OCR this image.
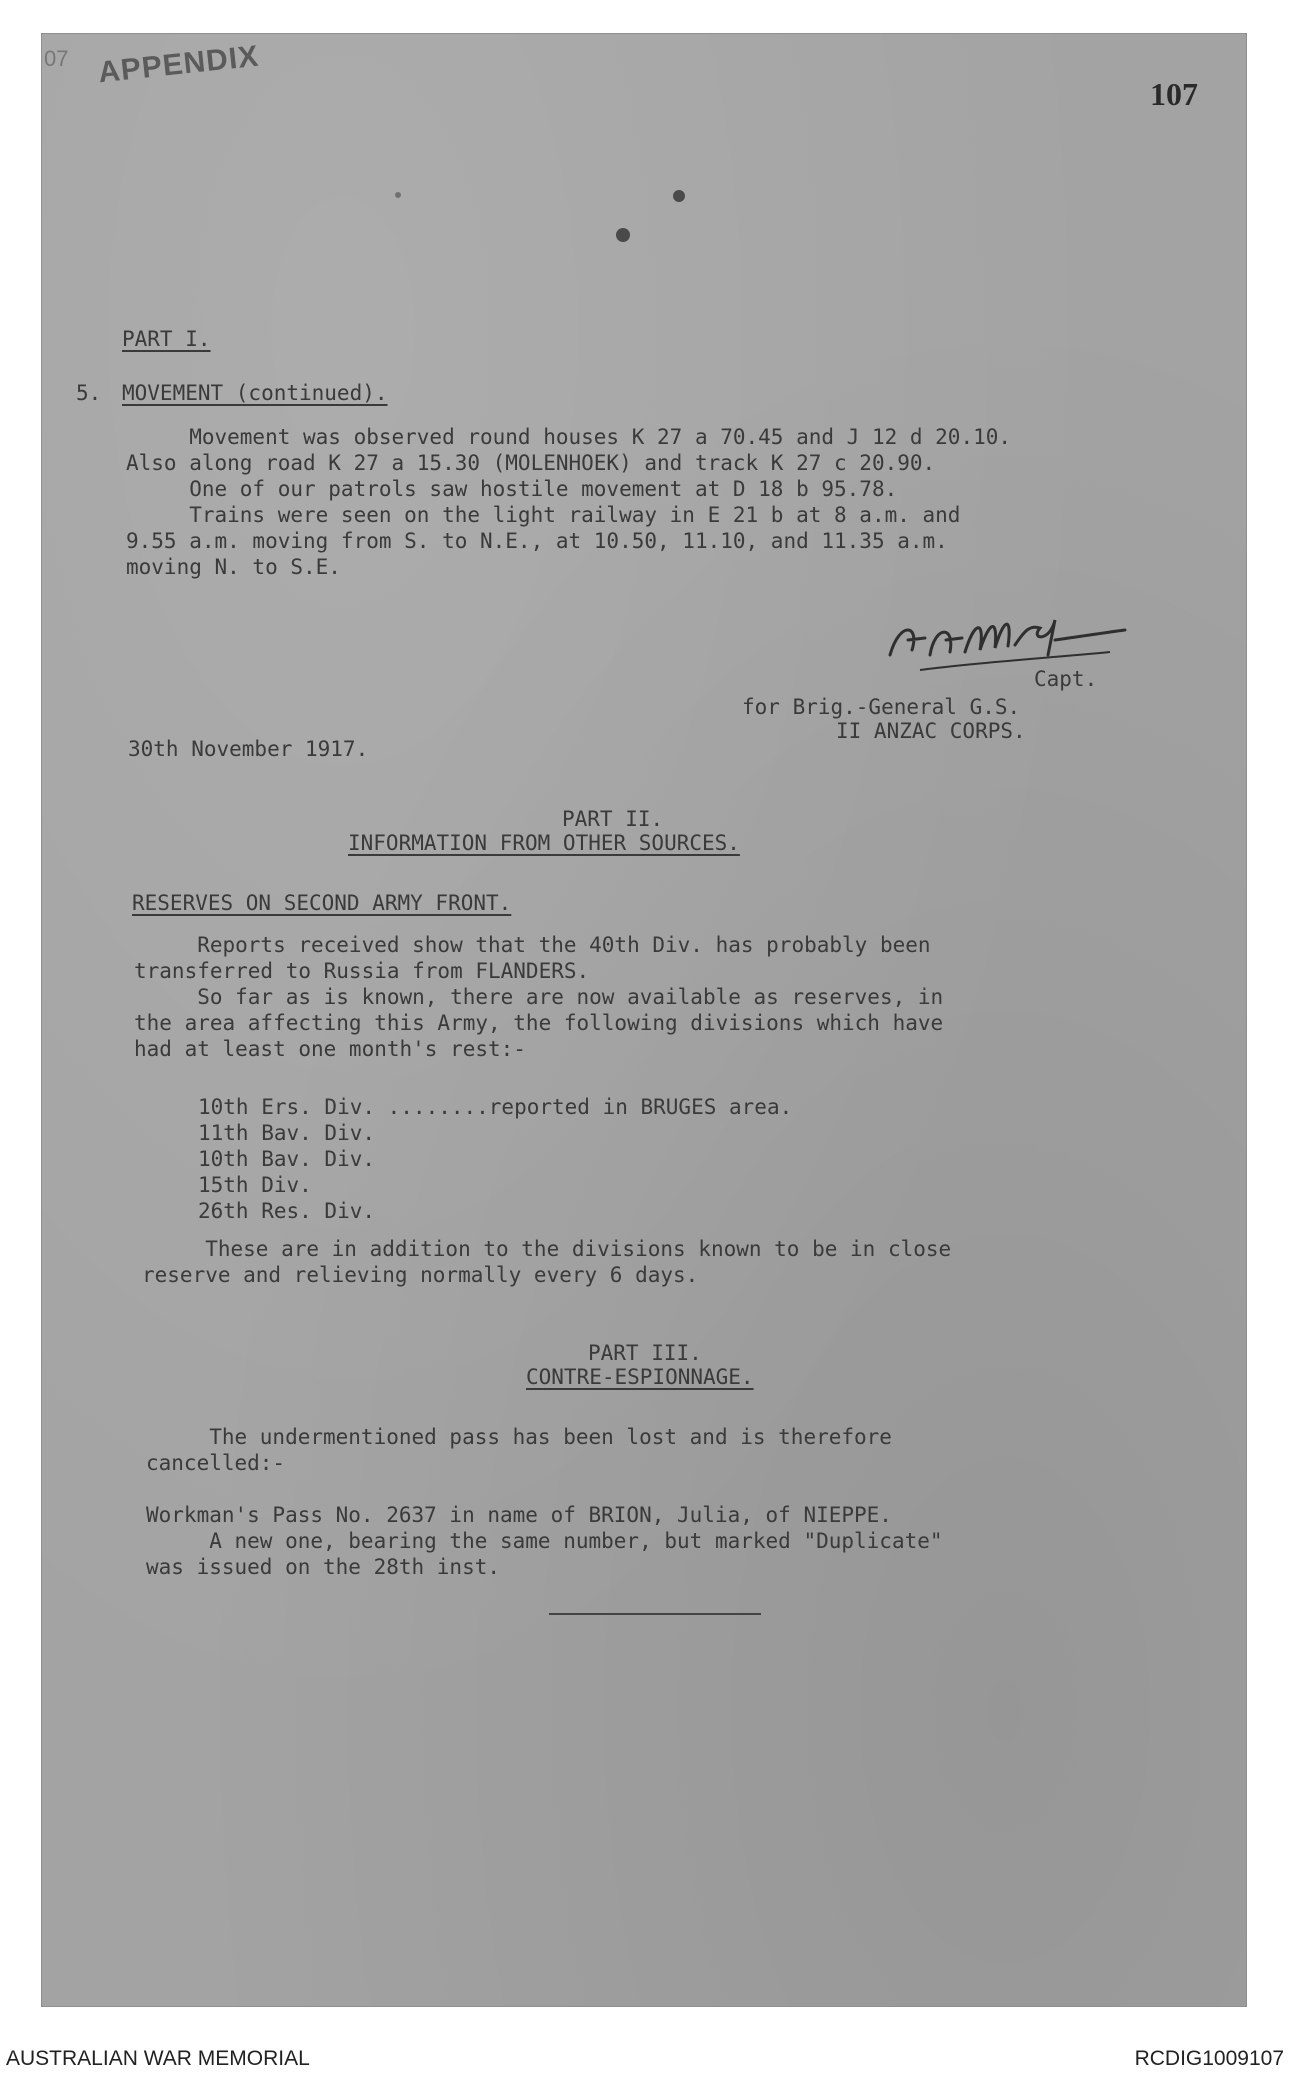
07 APPENDIX
107

PART I.

5. MOVEMENT (continued).

Movement was observed round houses K 27 a 70.45 and J 12 d 20.10.

Also along road K 27 a 15.30 (MOLENHOEK) and track K 27 c 20.90.

One of our patrols saw hostile movement at D 18 b 95.78.

Trains were seen on the light railway in E 21 b at 8 a.m. and

9.55 a.m. moving from S. to N.E., at 10.50, 11.10, and 11.35 a.m.

moving N. to S.E.

Capt.

for Brig.-General G.S.

II ANZAC CORPS.

30th November 1917.

PART II.

INFORMATION FROM OTHER SOURCES.

RESERVES ON SECOND ARMY FRONT.

Reports received show that the 40th Div. has probably been

transferred to Russia from FLANDERS.

So far as is known, there are now available as reserves, in

the area affecting this Army, the following divisions which have

had at least one month's rest:-

10th Ers. Div. ........reported in BRUGES area.

11th Bav. Div.

10th Bav. Div.

15th Div.

26th Res. Div.

These are in addition to the divisions known to be in close

reserve and relieving normally every 6 days.

PART III.

CONTRE-ESPIONNAGE.

The undermentioned pass has been lost and is therefore

cancelled:-

Workman's Pass No. 2637 in name of BRION, Julia, of NIEPPE.

A new one, bearing the same number, but marked "Duplicate"

was issued on the 28th inst.

AUSTRALIAN WAR MEMORIAL	RCDIG1009107
